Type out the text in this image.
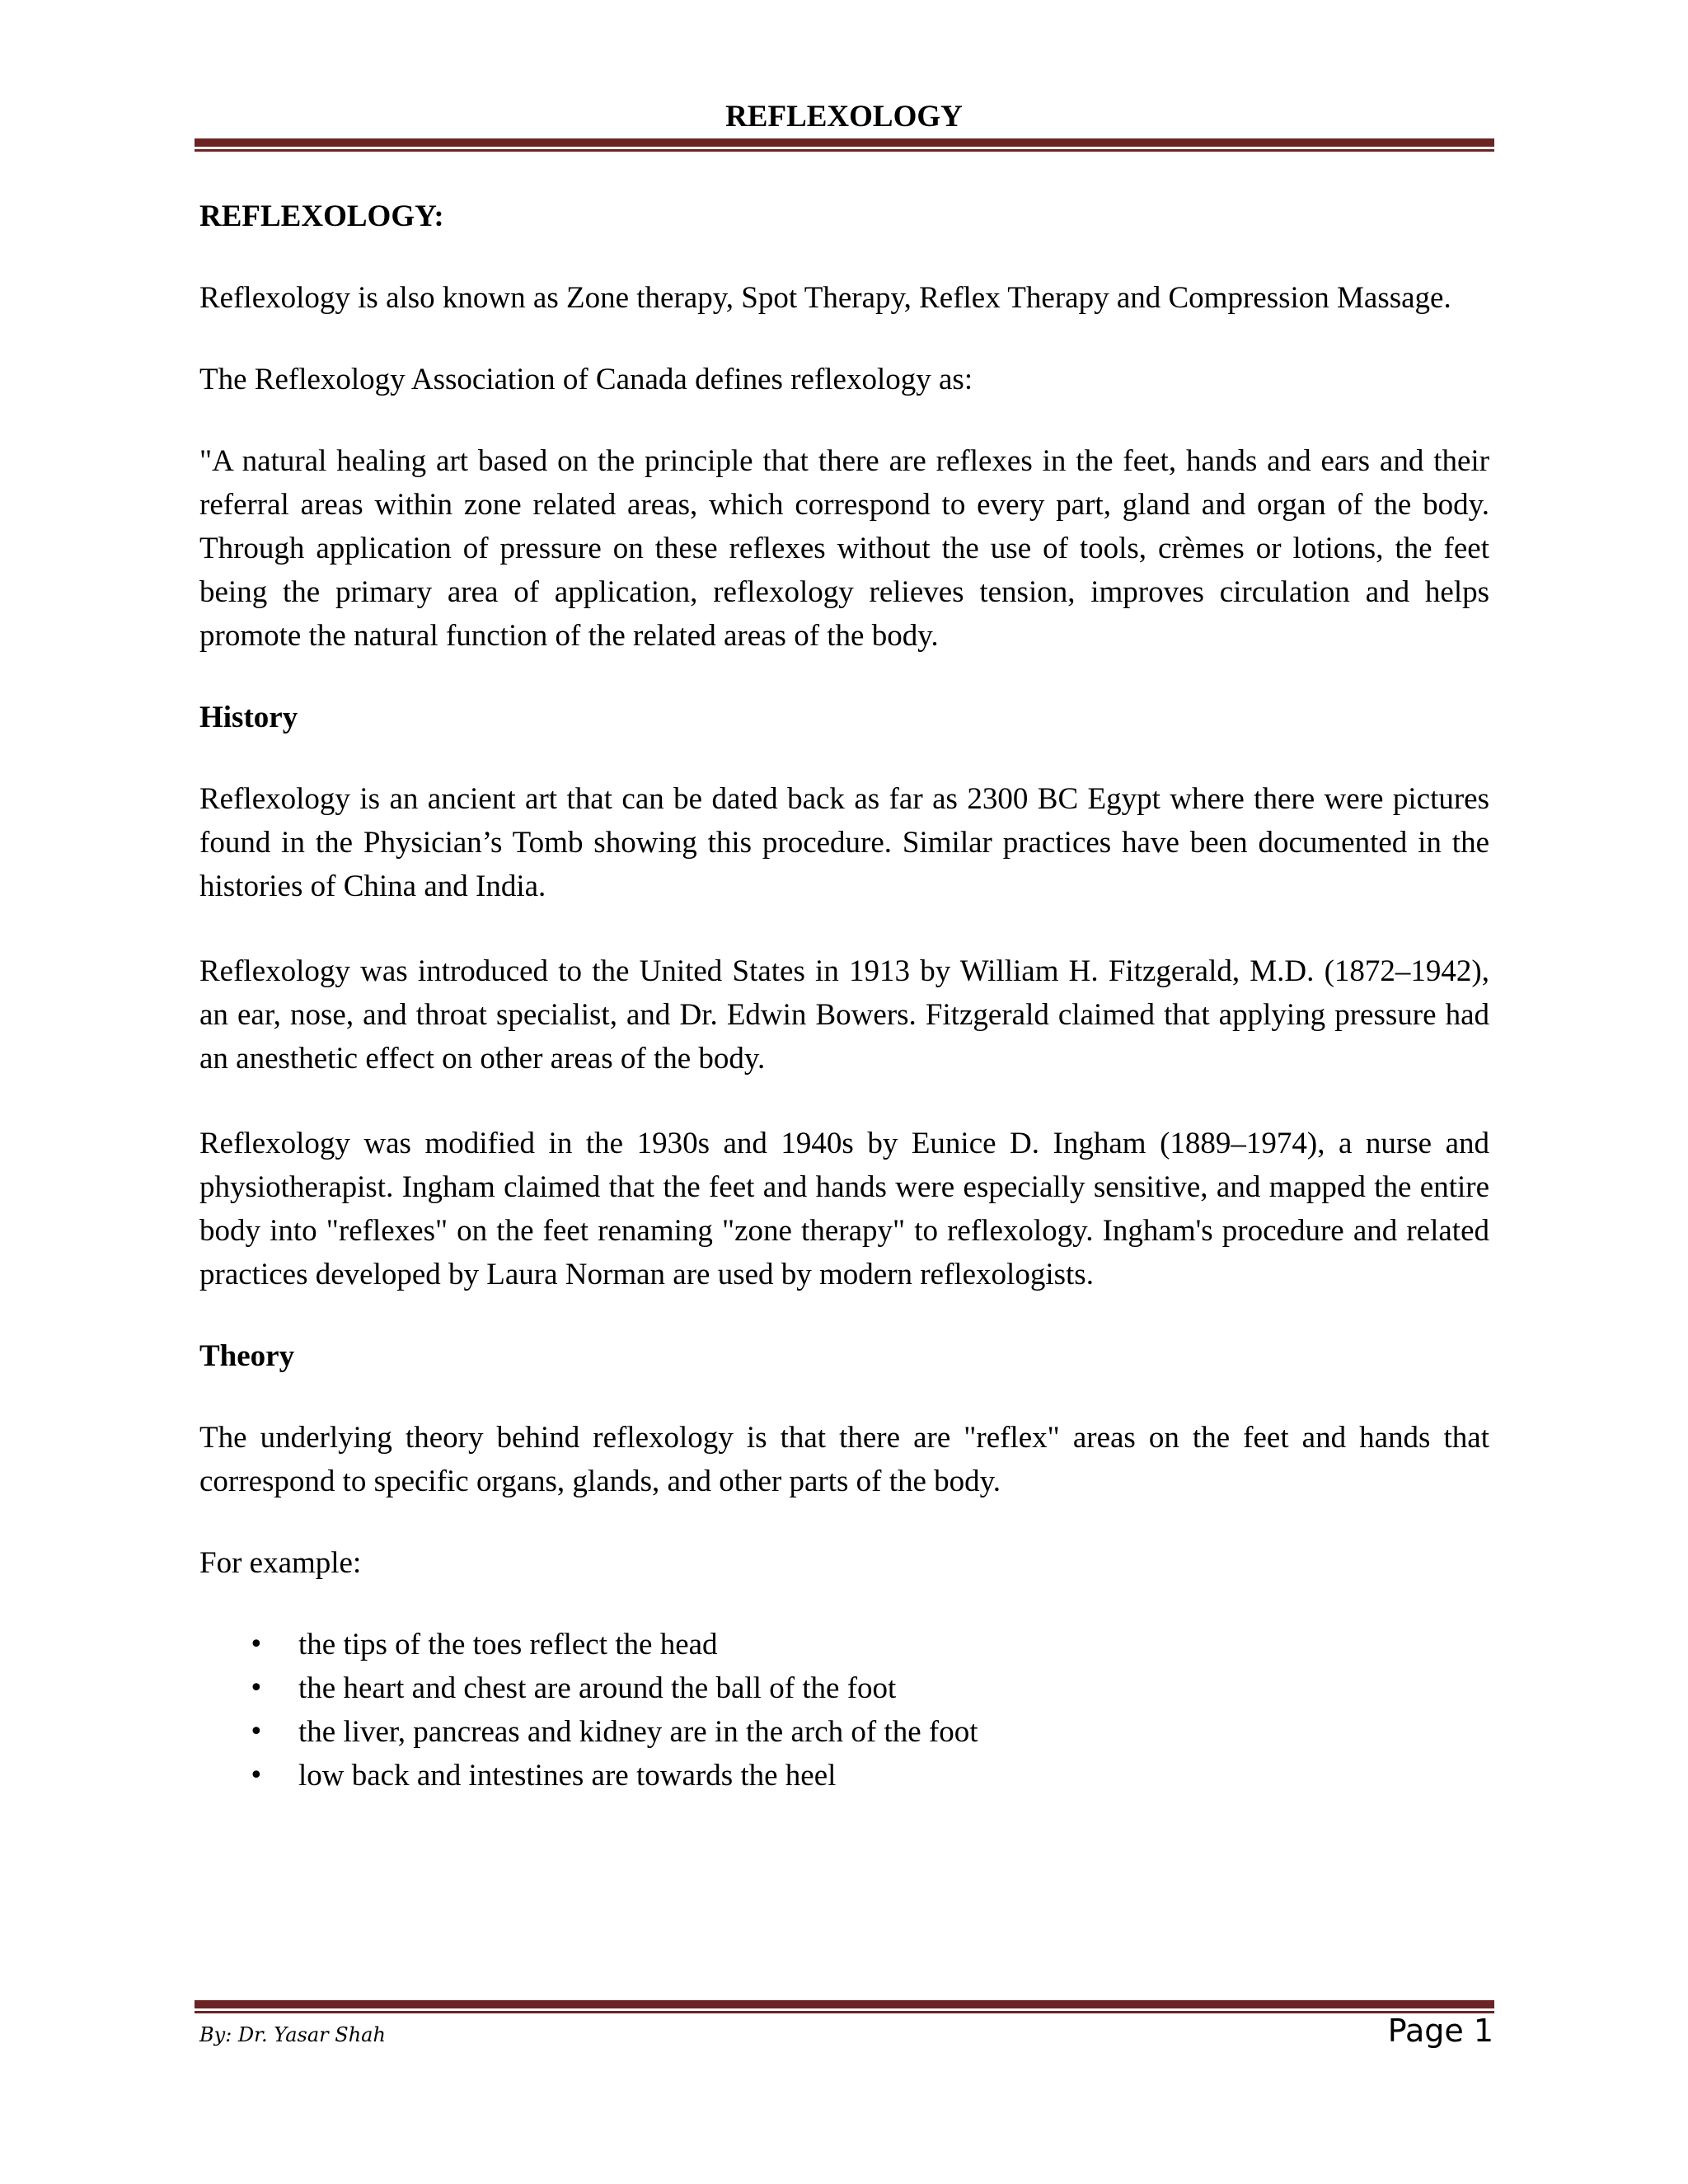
REFLEXOLOGY

REFLEXOLOGY:

Reflexology is also known as Zone therapy, Spot Therapy, Reflex Therapy and Compression Massage.

The Reflexology Association of Canada defines reflexology as:

"A natural healing art based on the principle that there are reflexes in the feet, hands and ears and their referral areas within zone related areas, which correspond to every part, gland and organ of the body. Through application of pressure on these reflexes without the use of tools, crèmes or lotions, the feet being the primary area of application, reflexology relieves tension, improves circulation and helps promote the natural function of the related areas of the body.

History

Reflexology is an ancient art that can be dated back as far as 2300 BC Egypt where there were pictures found in the Physician’s Tomb showing this procedure. Similar practices have been documented in the histories of China and India.

Reflexology was introduced to the United States in 1913 by William H. Fitzgerald, M.D. (1872–1942), an ear, nose, and throat specialist, and Dr. Edwin Bowers. Fitzgerald claimed that applying pressure had an anesthetic effect on other areas of the body.

Reflexology was modified in the 1930s and 1940s by Eunice D. Ingham (1889–1974), a nurse and physiotherapist. Ingham claimed that the feet and hands were especially sensitive, and mapped the entire body into "reflexes" on the feet renaming "zone therapy" to reflexology. Ingham's procedure and related practices developed by Laura Norman are used by modern reflexologists.

Theory

The underlying theory behind reflexology is that there are "reflex" areas on the feet and hands that correspond to specific organs, glands, and other parts of the body.

For example:

• the tips of the toes reflect the head
• the heart and chest are around the ball of the foot
• the liver, pancreas and kidney are in the arch of the foot
• low back and intestines are towards the heel
By: Dr. Yasar Shah	Page 1
